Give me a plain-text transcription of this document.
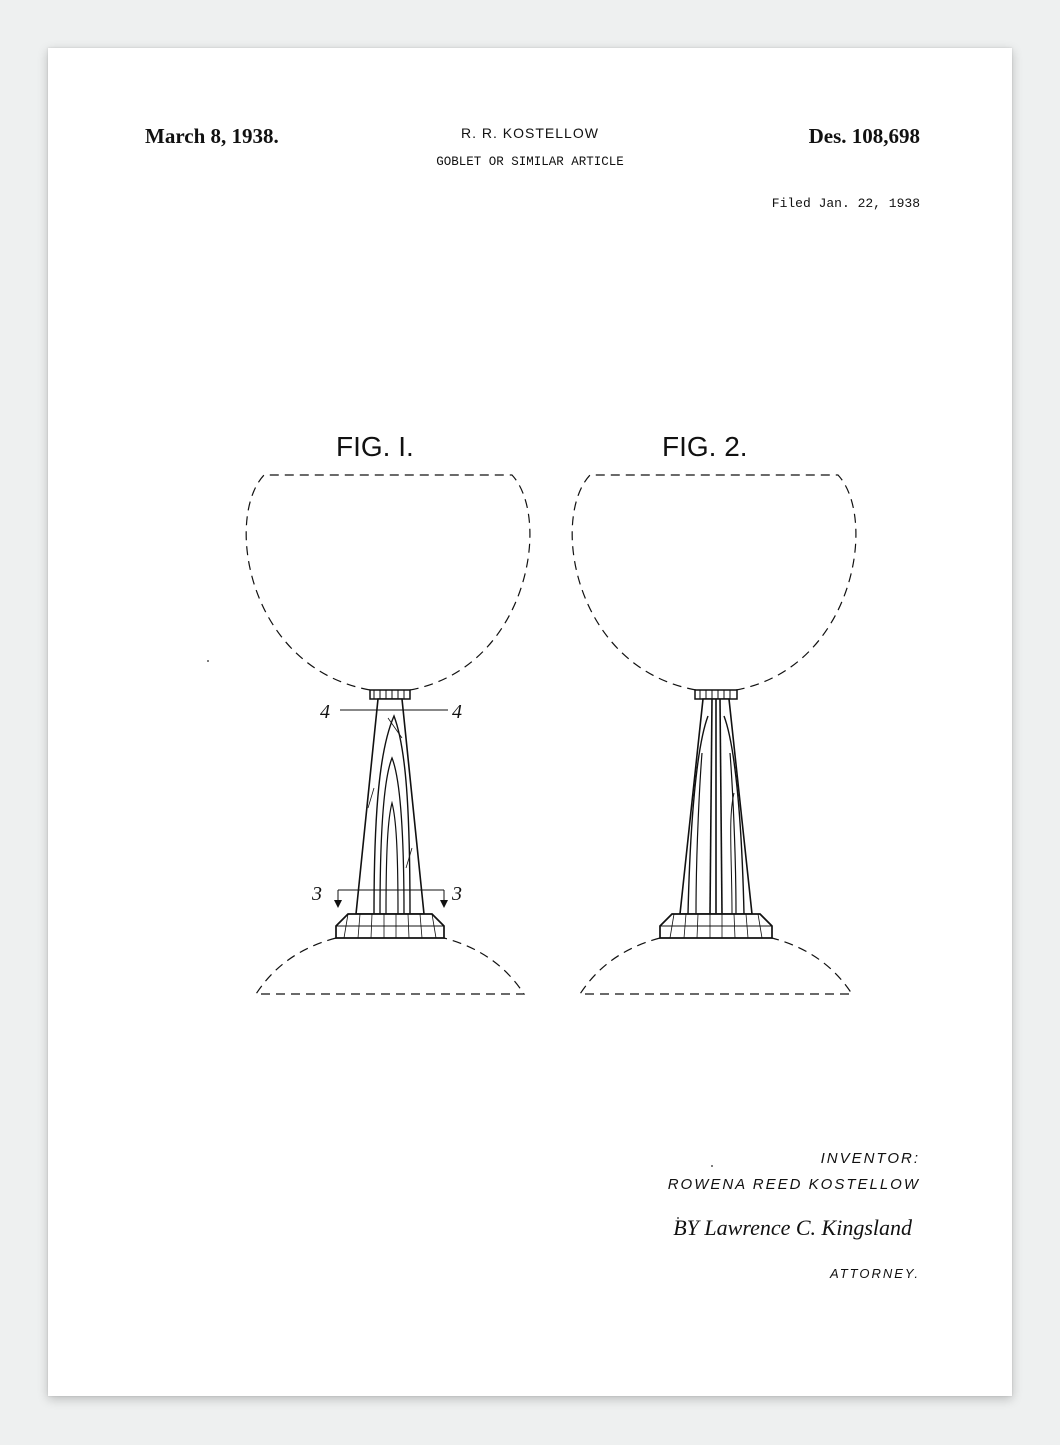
March 8, 1938.	R. R. KOSTELLOW
GOBLET OR SIMILAR ARTICLE
Des. 108,698
Filed Jan. 22, 1938
FIG. I.
4	4
3	3
FIG. 2.
INVENTOR:
ROWENA REED KOSTELLOW
BY Lawrence C. Kingsland
ATTORNEY.
